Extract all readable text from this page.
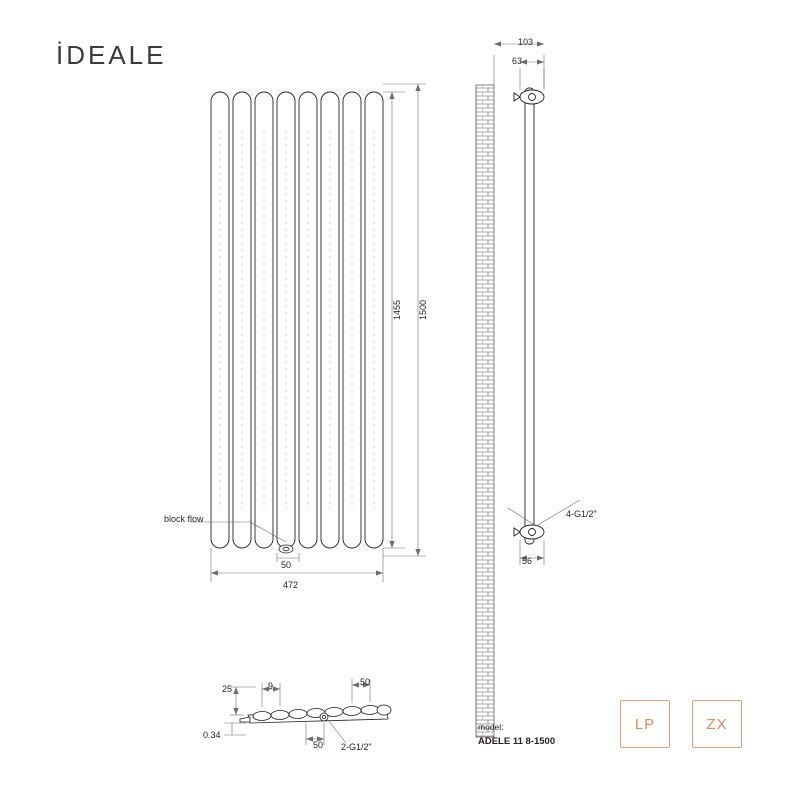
İDEALE
1455 1500
50
472
block flow
103
63
56
4-G1/2"
25	9	50
50
0.34
2-G1/2"
model:
ADELE 11 8-1500
LP	ZX
